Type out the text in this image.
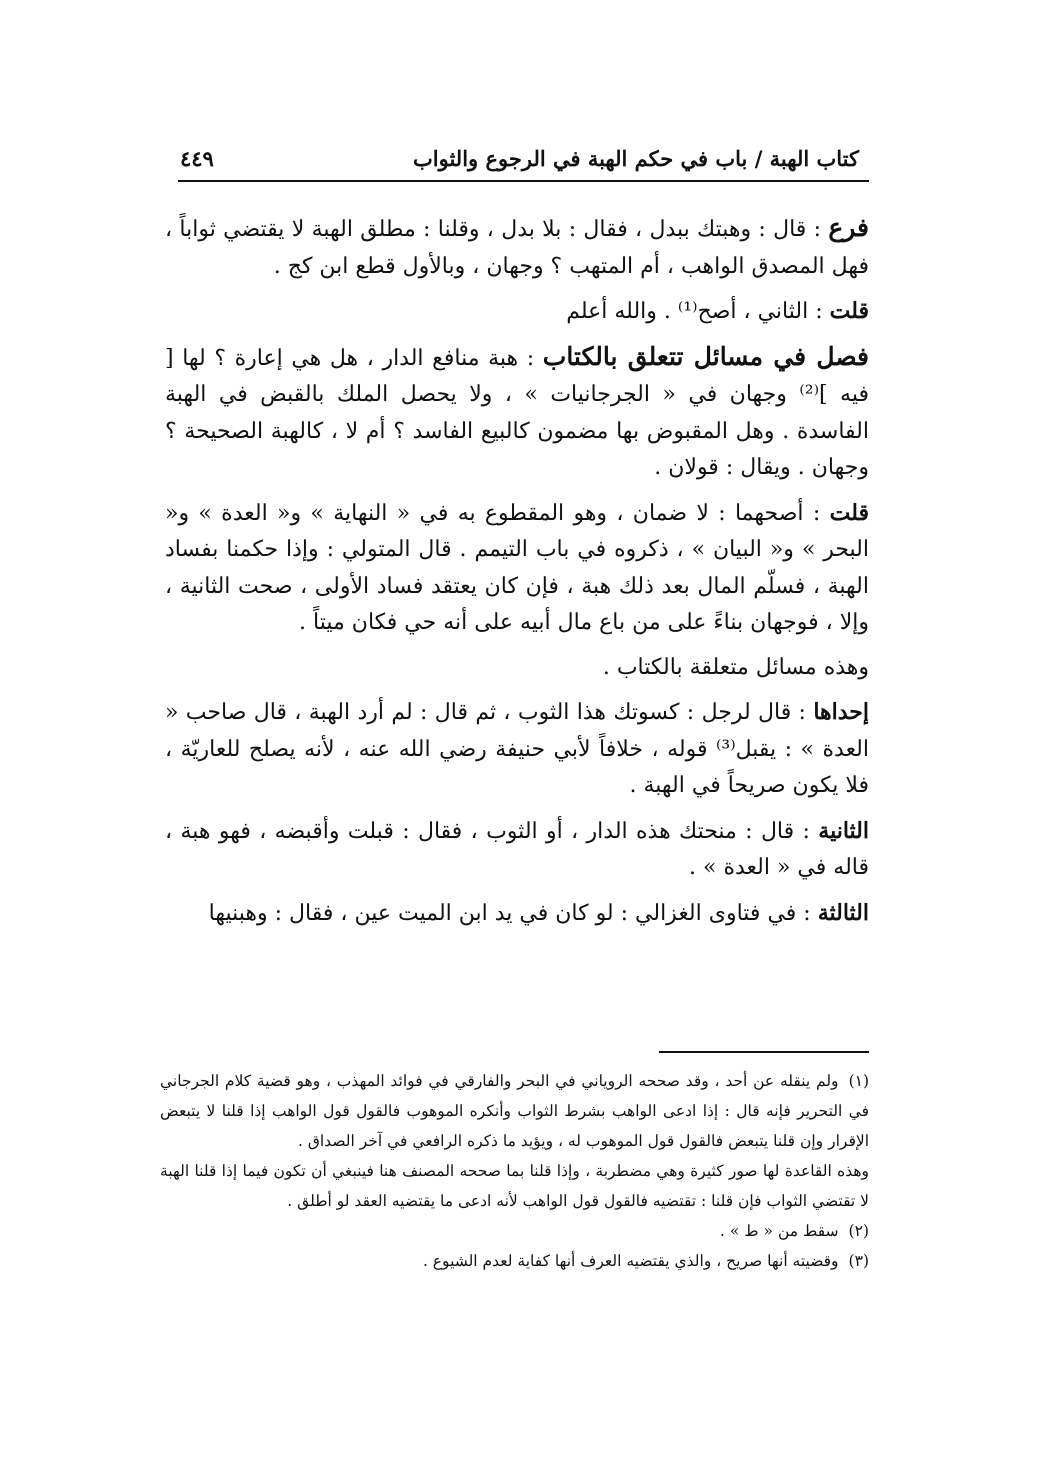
كتاب الهبة / باب في حكم الهبة في الرجوع والثواب
٤٤٩

فرع : قال : وهبتك ببدل ، فقال : بلا بدل ، وقلنا : مطلق الهبة لا يقتضي ثواباً ، فهل المصدق الواهب ، أم المتهب ؟ وجهان ، وبالأول قطع ابن كج .

قلت : الثاني ، أصح⁽¹⁾ . والله أعلم

فصل في مسائل تتعلق بالكتاب : هبة منافع الدار ، هل هي إعارة ؟ لها [ فيه ]⁽²⁾ وجهان في « الجرجانيات » ، ولا يحصل الملك بالقبض في الهبة الفاسدة . وهل المقبوض بها مضمون كالبيع الفاسد ؟ أم لا ، كالهبة الصحيحة ؟ وجهان . ويقال : قولان .

قلت : أصحهما : لا ضمان ، وهو المقطوع به في « النهاية » و« العدة » و« البحر » و« البيان » ، ذكروه في باب التيمم . قال المتولي : وإذا حكمنا بفساد الهبة ، فسلّم المال بعد ذلك هبة ، فإن كان يعتقد فساد الأولى ، صحت الثانية ، وإلا ، فوجهان بناءً على من باع مال أبيه على أنه حي فكان ميتاً .

وهذه مسائل متعلقة بالكتاب .

إحداها : قال لرجل : كسوتك هذا الثوب ، ثم قال : لم أرد الهبة ، قال صاحب « العدة » : يقبل⁽³⁾ قوله ، خلافاً لأبي حنيفة رضي الله عنه ، لأنه يصلح للعاريّة ، فلا يكون صريحاً في الهبة .

الثانية : قال : منحتك هذه الدار ، أو الثوب ، فقال : قبلت وأقبضه ، فهو هبة ، قاله في « العدة » .

الثالثة : في فتاوى الغزالي : لو كان في يد ابن الميت عين ، فقال : وهبنيها

(١)ولم ينقله عن أحد ، وقد صححه الروياني في البحر والفارقي في فوائد المهذب ، وهو قضية كلام الجرجاني في التحرير فإنه قال : إذا ادعى الواهب بشرط الثواب وأنكره الموهوب فالقول قول الواهب إذا قلنا لا يتبعض الإقرار وإن قلنا يتبعض فالقول قول الموهوب له ، ويؤيد ما ذكره الرافعي في آخر الصداق .

وهذه القاعدة لها صور كثيرة وهي مضطربة ، وإذا قلنا بما صححه المصنف هنا فينبغي أن تكون فيما إذا قلنا الهبة لا تقتضي الثواب فإن قلنا : تقتضيه فالقول قول الواهب لأنه ادعى ما يقتضيه العقد لو أطلق .

(٢)سقط من « ط » .

(٣)وقضيته أنها صريح ، والذي يقتضيه العرف أنها كفاية لعدم الشيوع .
